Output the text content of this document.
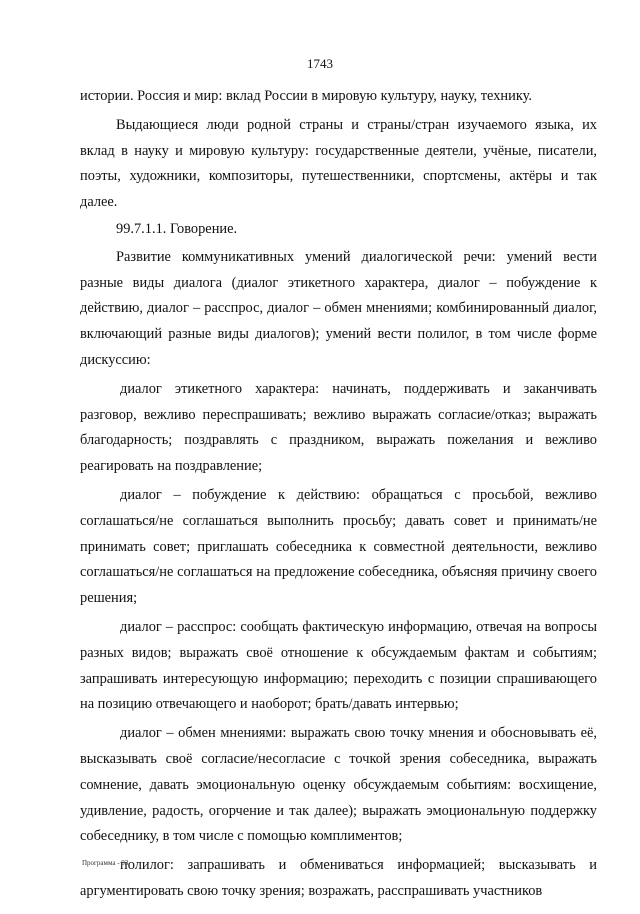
1743

истории. Россия и мир: вклад России в мировую культуру, науку, технику.

Выдающиеся люди родной страны и страны/стран изучаемого языка, их вклад в науку и мировую культуру: государственные деятели, учёные, писатели, поэты, художники, композиторы, путешественники, спортсмены, актёры и так далее.

99.7.1.1. Говорение.

Развитие коммуникативных умений диалогической речи: умений вести разные виды диалога (диалог этикетного характера, диалог – побуждение к действию, диалог – расспрос, диалог – обмен мнениями; комбинированный диалог, включающий разные виды диалогов); умений вести полилог, в том числе форме дискуссию:

диалог этикетного характера: начинать, поддерживать и заканчивать разговор, вежливо переспрашивать; вежливо выражать согласие/отказ; выражать благодарность; поздравлять с праздником, выражать пожелания и вежливо реагировать на поздравление;

диалог – побуждение к действию: обращаться с просьбой, вежливо соглашаться/не соглашаться выполнить просьбу; давать совет и принимать/не принимать совет; приглашать собеседника к совместной деятельности, вежливо соглашаться/не соглашаться на предложение собеседника, объясняя причину своего решения;

диалог – расспрос: сообщать фактическую информацию, отвечая на вопросы разных видов; выражать своё отношение к обсуждаемым фактам и событиям; запрашивать интересующую информацию; переходить с позиции спрашивающего на позицию отвечающего и наоборот; брать/давать интервью;

диалог – обмен мнениями: выражать свою точку мнения и обосновывать её, высказывать своё согласие/несогласие с точкой зрения собеседника, выражать сомнение, давать эмоциональную оценку обсуждаемым событиям: восхищение, удивление, радость, огорчение и так далее); выражать эмоциональную поддержку собеседнику, в том числе с помощью комплиментов;

полилог: запрашивать и обмениваться информацией; высказывать и аргументировать свою точку зрения; возражать, расспрашивать участников

Программа - 03
